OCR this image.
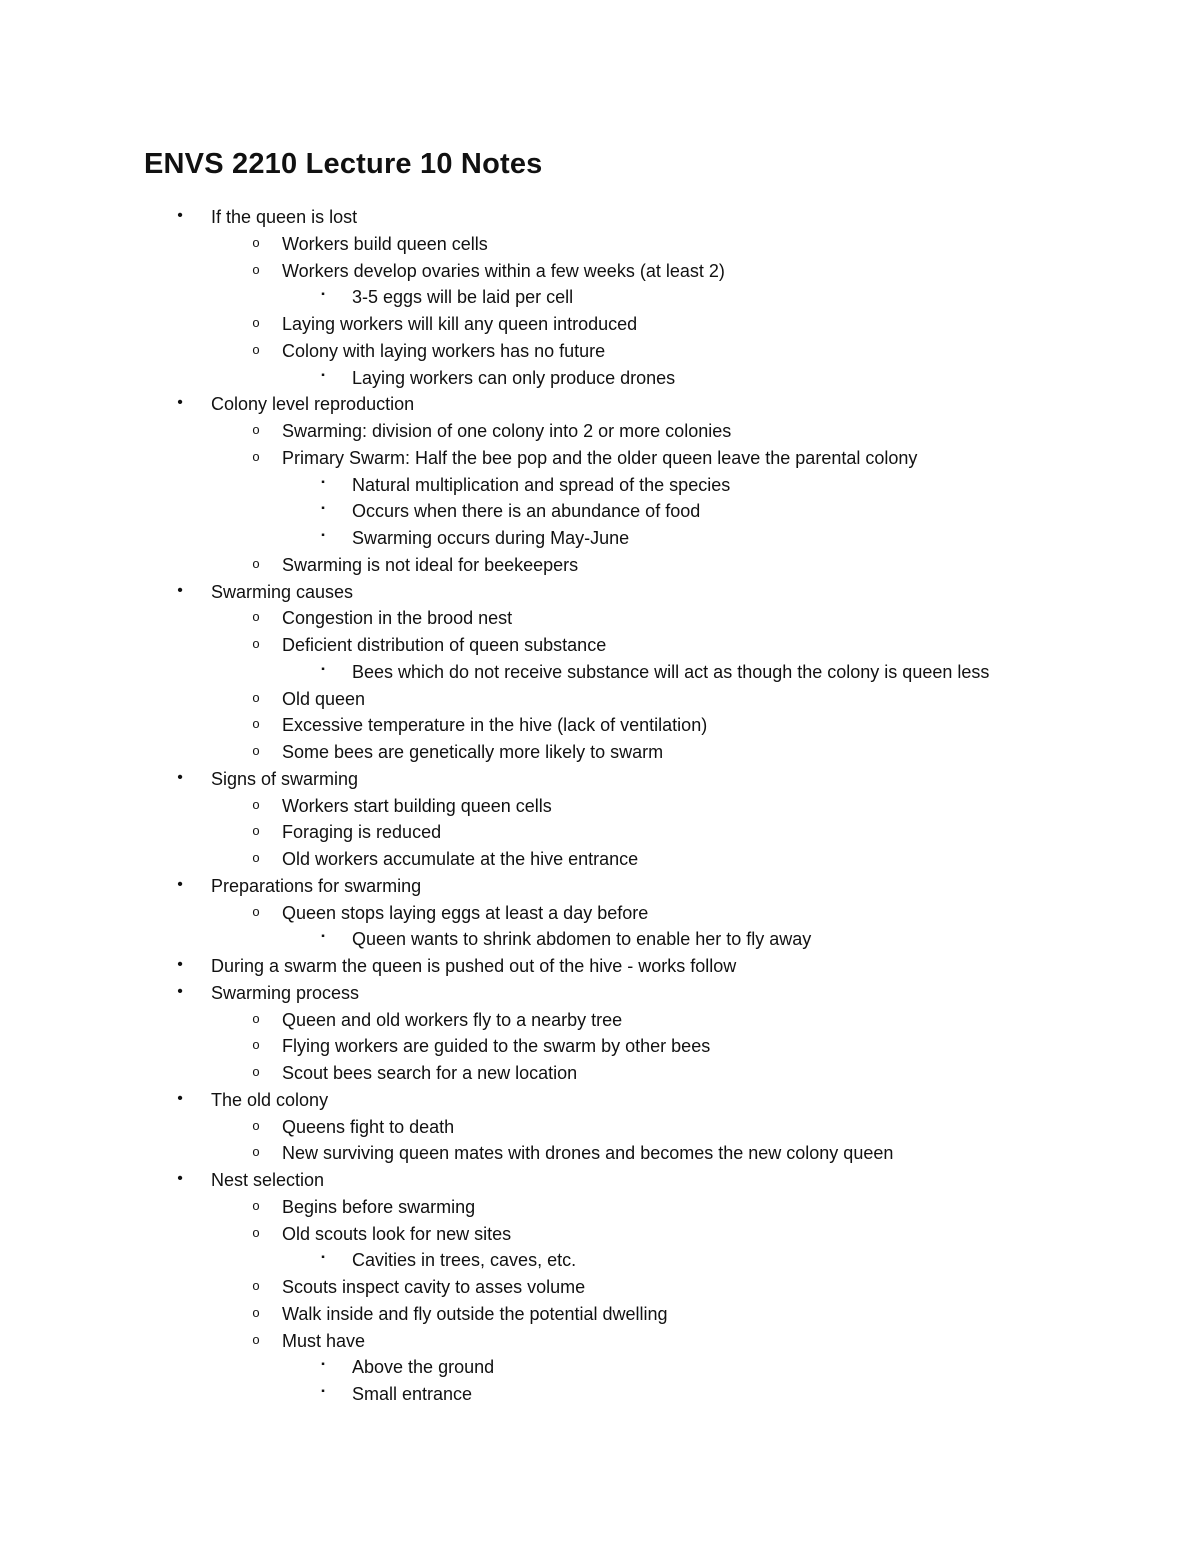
ENVS 2210 Lecture 10 Notes
• If the queen is lost
o Workers build queen cells
o Workers develop ovaries within a few weeks (at least 2)
▪ 3-5 eggs will be laid per cell
o Laying workers will kill any queen introduced
o Colony with laying workers has no future
▪ Laying workers can only produce drones
• Colony level reproduction
o Swarming: division of one colony into 2 or more colonies
o Primary Swarm: Half the bee pop and the older queen leave the parental colony
▪ Natural multiplication and spread of the species
▪ Occurs when there is an abundance of food
▪ Swarming occurs during May-June
o Swarming is not ideal for beekeepers
• Swarming causes
o Congestion in the brood nest
o Deficient distribution of queen substance
▪ Bees which do not receive substance will act as though the colony is queen less
o Old queen
o Excessive temperature in the hive (lack of ventilation)
o Some bees are genetically more likely to swarm
• Signs of swarming
o Workers start building queen cells
o Foraging is reduced
o Old workers accumulate at the hive entrance
• Preparations for swarming
o Queen stops laying eggs at least a day before
▪ Queen wants to shrink abdomen to enable her to fly away
• During a swarm the queen is pushed out of the hive - works follow
• Swarming process
o Queen and old workers fly to a nearby tree
o Flying workers are guided to the swarm by other bees
o Scout bees search for a new location
• The old colony
o Queens fight to death
o New surviving queen mates with drones and becomes the new colony queen
• Nest selection
o Begins before swarming
o Old scouts look for new sites
▪ Cavities in trees, caves, etc.
o Scouts inspect cavity to asses volume
o Walk inside and fly outside the potential dwelling
o Must have
▪ Above the ground
▪ Small entrance
